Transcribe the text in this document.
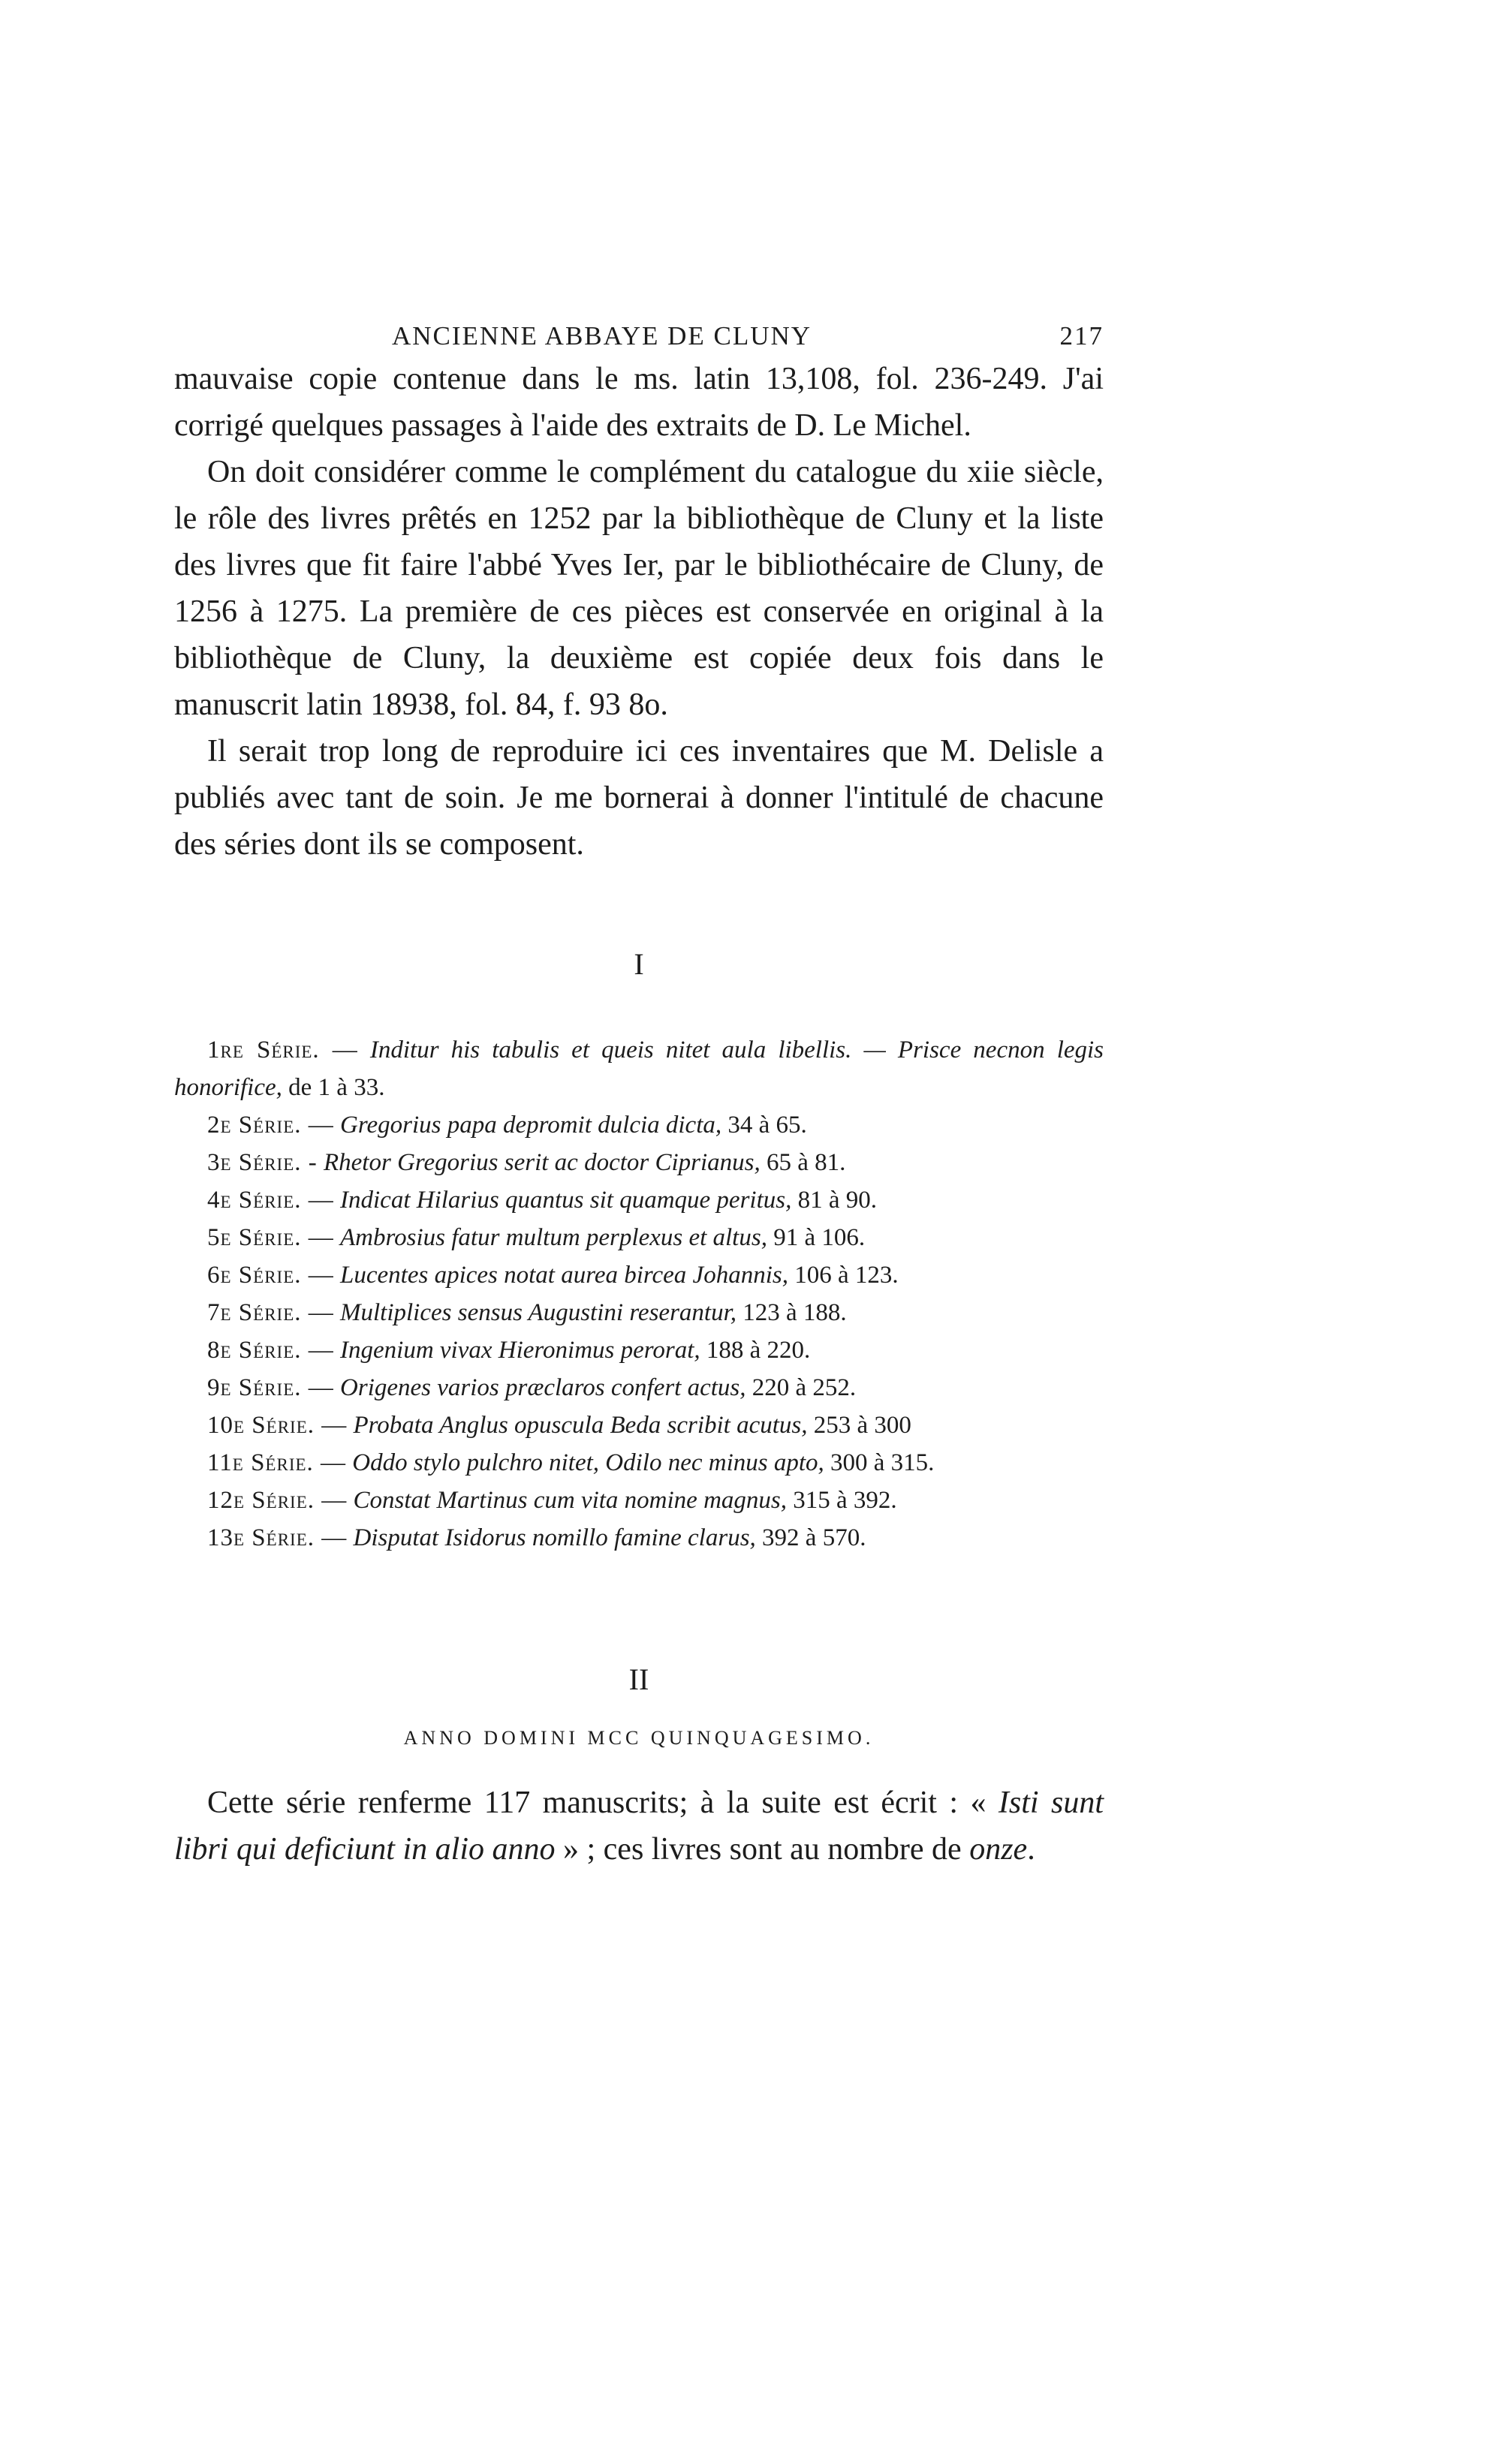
ANCIENNE ABBAYE DE CLUNY	217

mauvaise copie contenue dans le ms. latin 13,108, fol. 236-249. J'ai corrigé quelques passages à l'aide des extraits de D. Le Michel.

On doit considérer comme le complément du catalogue du xiie siècle, le rôle des livres prêtés en 1252 par la bibliothèque de Cluny et la liste des livres que fit faire l'abbé Yves Ier, par le bibliothécaire de Cluny, de 1256 à 1275. La première de ces pièces est conservée en original à la bibliothèque de Cluny, la deuxième est copiée deux fois dans le manuscrit latin 18938, fol. 84, f. 93 8o.

Il serait trop long de reproduire ici ces inventaires que M. Delisle a publiés avec tant de soin. Je me bornerai à donner l'intitulé de chacune des séries dont ils se composent.

I

1re Série. — Inditur his tabulis et queis nitet aula libellis. — Prisce necnon legis honorifice, de 1 à 33.
2e Série. — Gregorius papa depromit dulcia dicta, 34 à 65.
3e Série. - Rhetor Gregorius serit ac doctor Ciprianus, 65 à 81.
4e Série. — Indicat Hilarius quantus sit quamque peritus, 81 à 90.
5e Série. — Ambrosius fatur multum perplexus et altus, 91 à 106.
6e Série. — Lucentes apices notat aurea bircea Johannis, 106 à 123.
7e Série. — Multiplices sensus Augustini reserantur, 123 à 188.
8e Série. — Ingenium vivax Hieronimus perorat, 188 à 220.
9e Série. — Origenes varios præclaros confert actus, 220 à 252.
10e Série. — Probata Anglus opuscula Beda scribit acutus, 253 à 300
11e Série. — Oddo stylo pulchro nitet, Odilo nec minus apto, 300 à 315.
12e Série. — Constat Martinus cum vita nomine magnus, 315 à 392.
13e Série. — Disputat Isidorus nomillo famine clarus, 392 à 570.

II

ANNO DOMINI MCC QUINQUAGESIMO.

Cette série renferme 117 manuscrits; à la suite est écrit : « Isti sunt libri qui deficiunt in alio anno » ; ces livres sont au nombre de onze.
